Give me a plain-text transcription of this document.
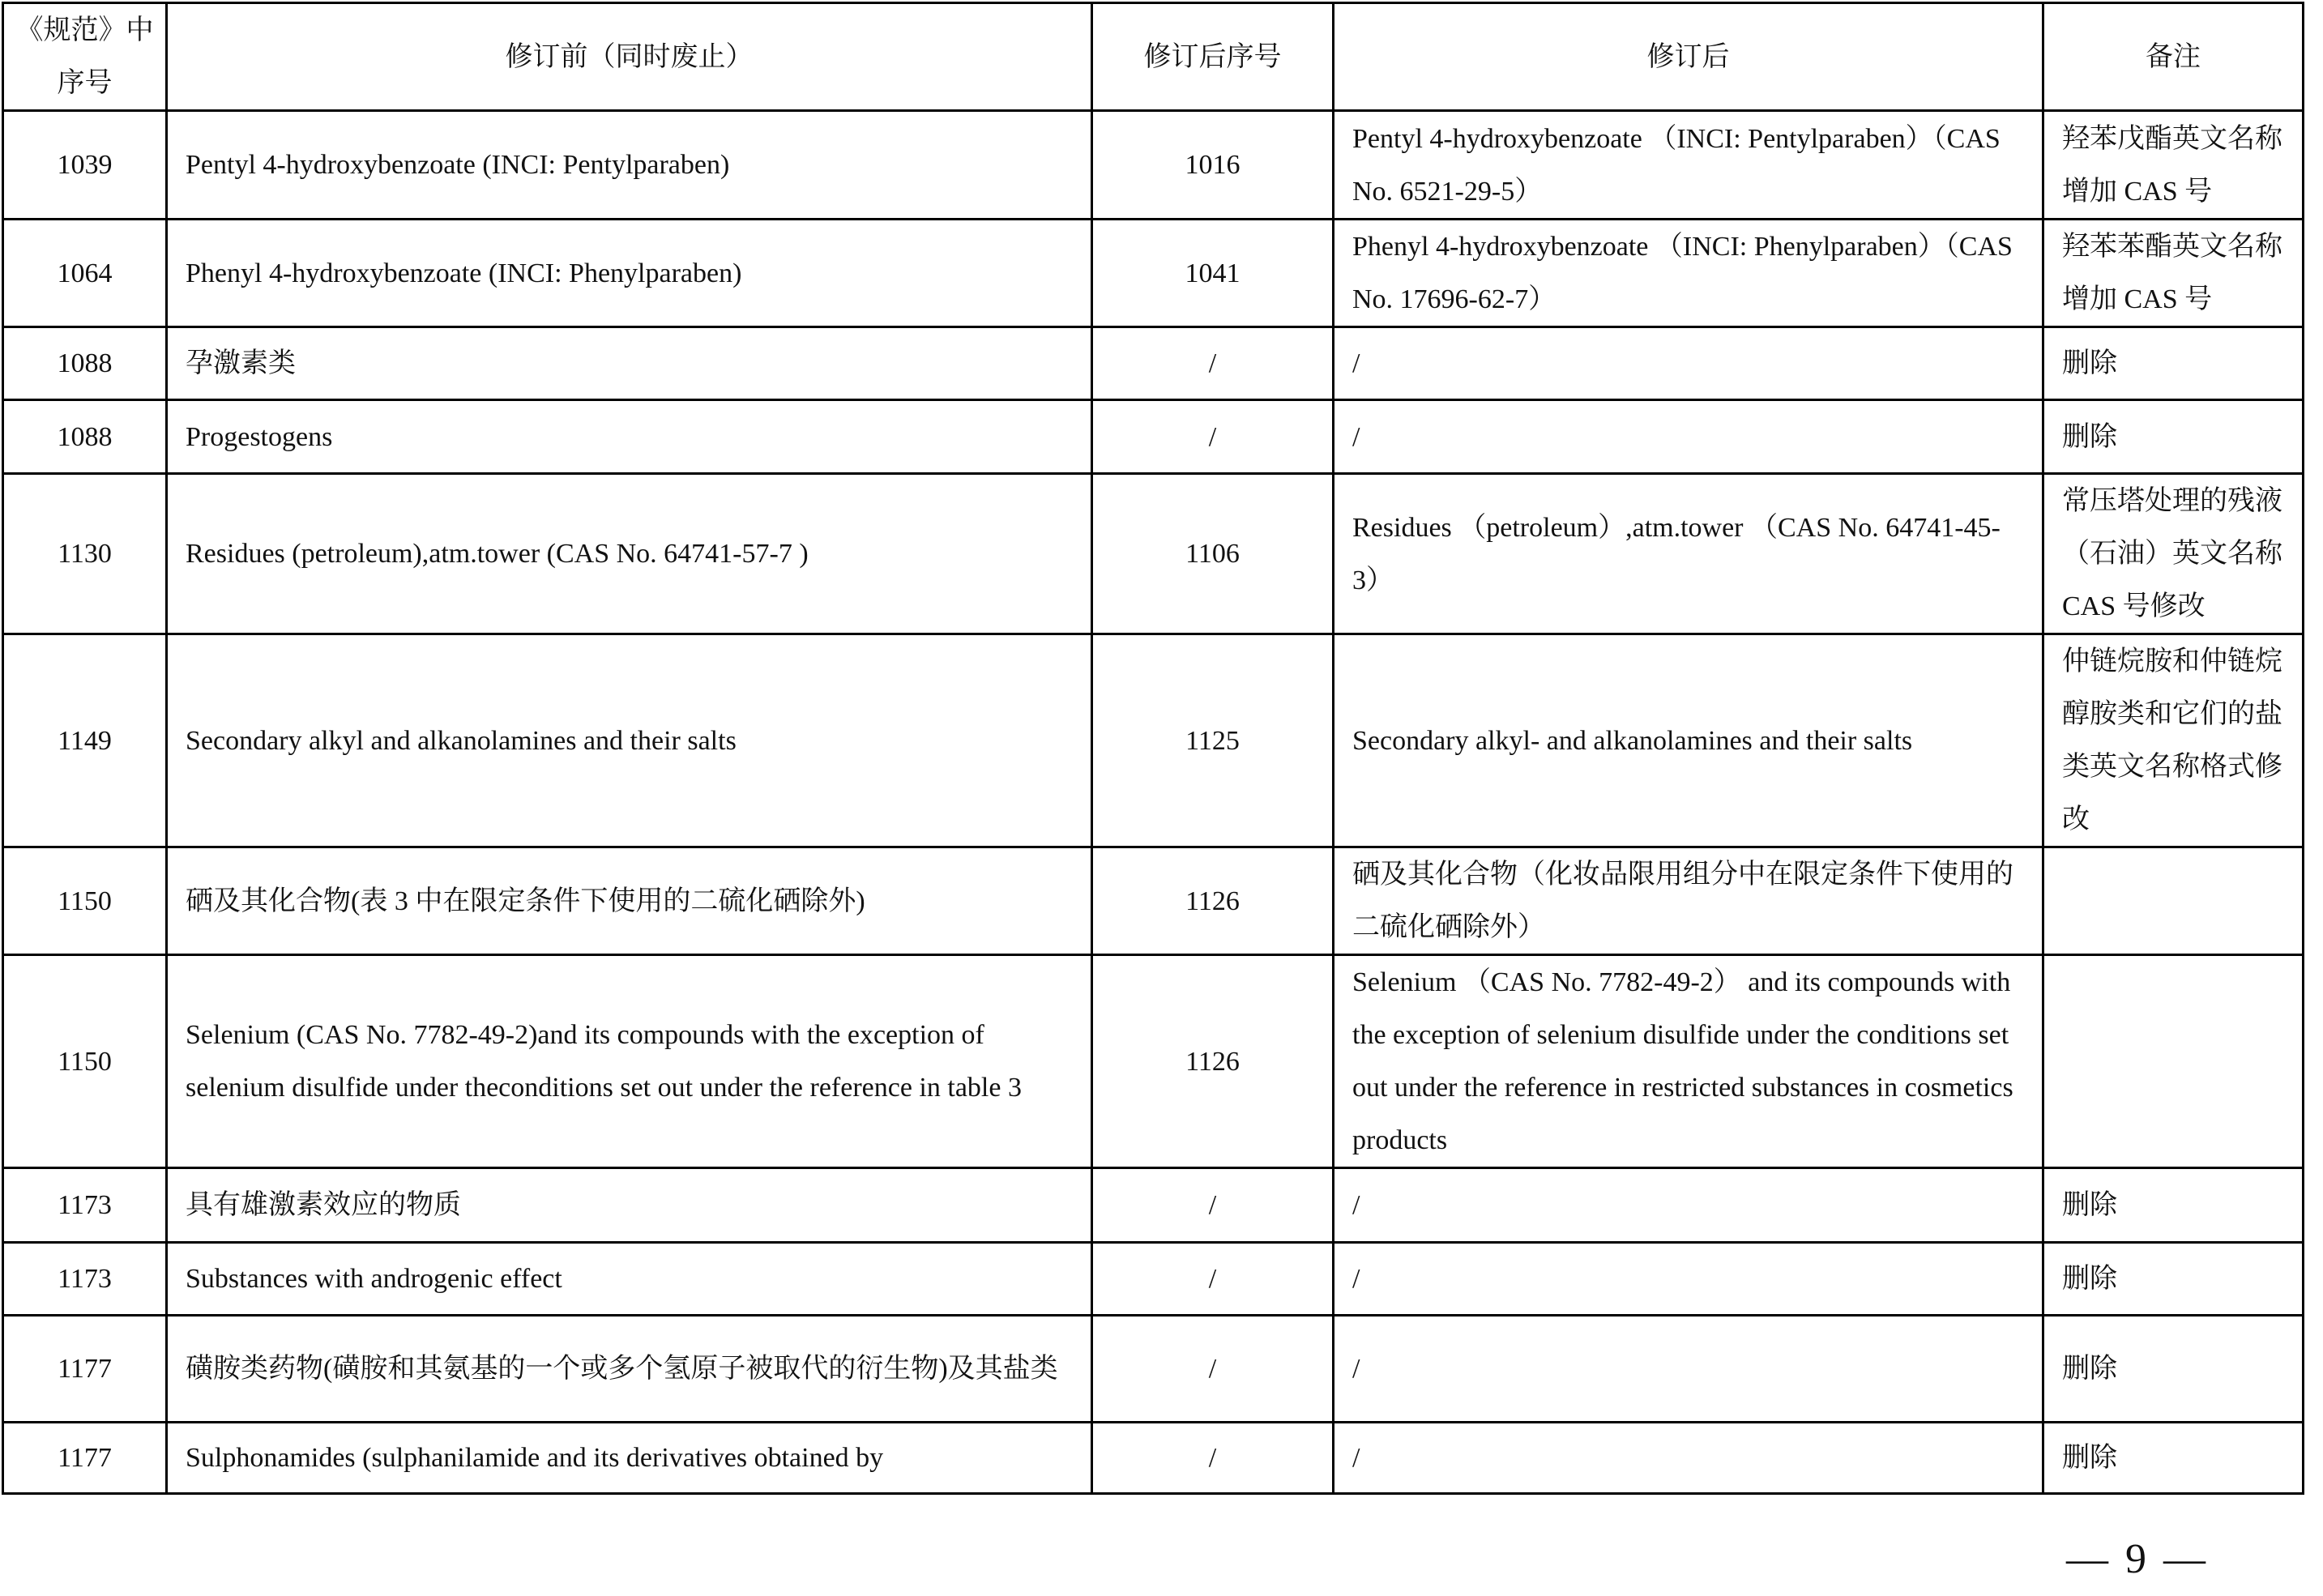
《规范》中序号	修订前（同时废止）	修订后序号	修订后	备注
1039	Pentyl 4-hydroxybenzoate (INCI: Pentylparaben)	1016	Pentyl 4-hydroxybenzoate （INCI: Pentylparaben）（CAS No. 6521-29-5）	羟苯戊酯英文名称增加 CAS 号
1064	Phenyl 4-hydroxybenzoate (INCI: Phenylparaben)	1041	Phenyl 4-hydroxybenzoate （INCI: Phenylparaben）（CAS No. 17696-62-7）	羟苯苯酯英文名称增加 CAS 号
1088	孕激素类	/	/	删除
1088	Progestogens	/	/	删除
1130	Residues (petroleum),atm.tower (CAS No. 64741-57-7 )	1106	Residues （petroleum）,atm.tower （CAS No. 64741-45-3）	常压塔处理的残液（石油）英文名称CAS 号修改
1149	Secondary alkyl and alkanolamines and their salts	1125	Secondary alkyl- and alkanolamines and their salts	仲链烷胺和仲链烷醇胺类和它们的盐类英文名称格式修改
1150	硒及其化合物(表 3 中在限定条件下使用的二硫化硒除外)	1126	硒及其化合物（化妆品限用组分中在限定条件下使用的二硫化硒除外）	
1150	Selenium (CAS No. 7782-49-2)and its compounds with the exception of selenium disulfide under theconditions set out under the reference in table 3	1126	Selenium （CAS No. 7782-49-2） and its compounds with the exception of selenium disulfide under the conditions set out under the reference in restricted substances in cosmetics products	
1173	具有雄激素效应的物质	/	/	删除
1173	Substances with androgenic effect	/	/	删除
1177	磺胺类药物(磺胺和其氨基的一个或多个氢原子被取代的衍生物)及其盐类	/	/	删除
1177	Sulphonamides (sulphanilamide and its derivatives obtained by	/	/	删除
— 9 —
